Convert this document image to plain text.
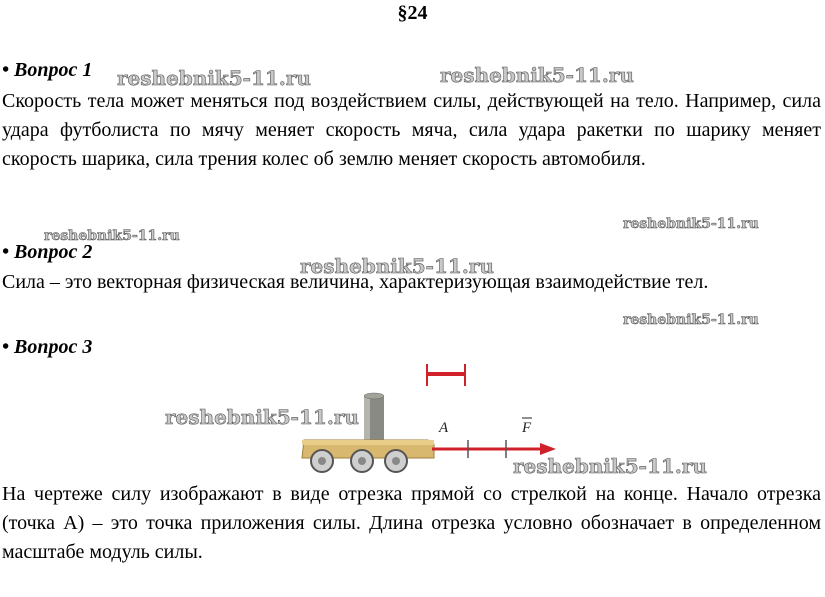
§24
• Вопрос 1
Скорость тела может меняться под воздействием силы, действующей на тело. Например, сила удара футболиста по мячу меняет скорость мяча, сила удара ракетки по шарику меняет скорость шарика, сила трения колес об землю меняет скорость автомобиля.
• Вопрос 2
Сила – это векторная физическая величина, характеризующая взаимодействие тел.
• Вопрос 3
A	F
На чертеже силу изображают в виде отрезка прямой со стрелкой на конце. Начало отрезка (точка А) – это точка приложения силы. Длина отрезка условно обозначает в определенном масштабе модуль силы.
reshebnik5-11.ru	reshebnik5-11.ru
reshebnik5-11.ru
reshebnik5-11.ru
reshebnik5-11.ru
reshebnik5-11.ru
reshebnik5-11.ru
reshebnik5-11.ru
